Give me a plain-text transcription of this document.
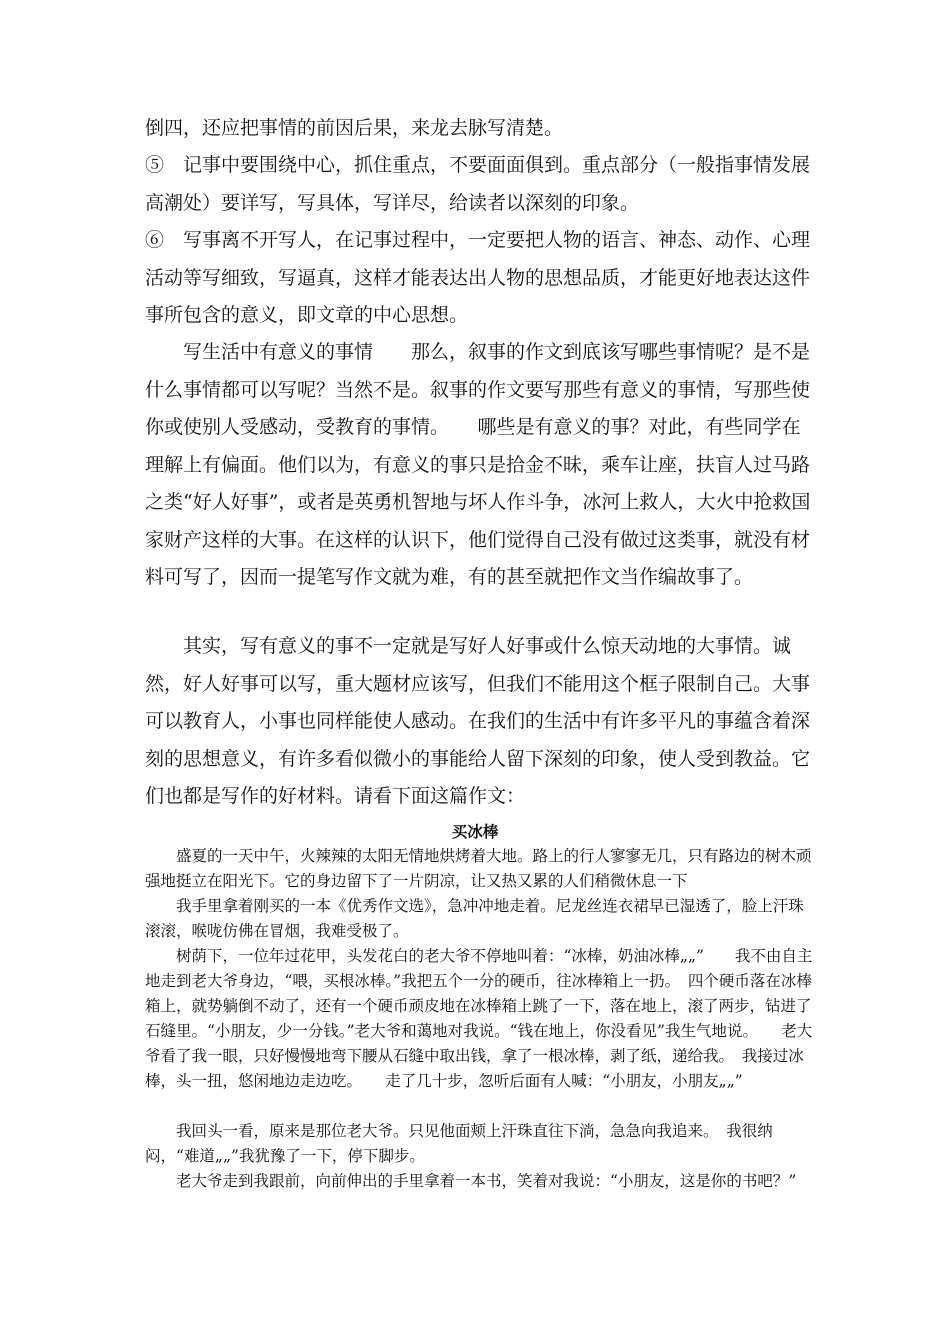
倒四，还应把事情的前因后果，来龙去脉写清楚。

⑤　记事中要围绕中心，抓住重点，不要面面俱到。重点部分（一般指事情发展高潮处）要详写，写具体，写详尽，给读者以深刻的印象。

⑥　写事离不开写人，在记事过程中，一定要把人物的语言、神态、动作、心理活动等写细致，写逼真，这样才能表达出人物的思想品质，才能更好地表达这件事所包含的意义，即文章的中心思想。

　　写生活中有意义的事情　　那么，叙事的作文到底该写哪些事情呢？是不是什么事情都可以写呢？当然不是。叙事的作文要写那些有意义的事情，写那些使你或使别人受感动，受教育的事情。　　哪些是有意义的事？对此，有些同学在理解上有偏面。他们以为，有意义的事只是拾金不昧，乘车让座，扶盲人过马路之类“好人好事”，或者是英勇机智地与坏人作斗争，冰河上救人，大火中抢救国家财产这样的大事。在这样的认识下，他们觉得自己没有做过这类事，就没有材料可写了，因而一提笔写作文就为难，有的甚至就把作文当作编故事了。

　　其实，写有意义的事不一定就是写好人好事或什么惊天动地的大事情。诚然，好人好事可以写，重大题材应该写，但我们不能用这个框子限制自己。大事可以教育人，小事也同样能使人感动。在我们的生活中有许多平凡的事蕴含着深刻的思想意义，有许多看似微小的事能给人留下深刻的印象，使人受到教益。它们也都是写作的好材料。请看下面这篇作文：

买冰棒

　　盛夏的一天中午，火辣辣的太阳无情地烘烤着大地。路上的行人寥寥无几，只有路边的树木顽强地挺立在阳光下。它的身边留下了一片阴凉，让又热又累的人们稍微休息一下

　　我手里拿着刚买的一本《优秀作文选》，急冲冲地走着。尼龙丝连衣裙早已湿透了，脸上汗珠滚滚，喉咙仿佛在冒烟，我难受极了。

　　树荫下，一位年过花甲，头发花白的老大爷不停地叫着：“冰棒，奶油冰棒„„”　　我不由自主地走到老大爷身边，“喂，买根冰棒。”我把五个一分的硬币，往冰棒箱上一扔。　四个硬币落在冰棒箱上，就势躺倒不动了，还有一个硬币顽皮地在冰棒箱上跳了一下，落在地上，滚了两步，钻进了石缝里。“小朋友，少一分钱。”老大爷和蔼地对我说。“钱在地上，你没看见”我生气地说。　　老大爷看了我一眼，只好慢慢地弯下腰从石缝中取出钱，拿了一根冰棒，剥了纸，递给我。　我接过冰棒，头一扭，悠闲地边走边吃。　　走了几十步，忽听后面有人喊：“小朋友，小朋友„„”

　　我回头一看，原来是那位老大爷。只见他面颊上汗珠直往下淌，急急向我追来。　我很纳闷，“难道„„”我犹豫了一下，停下脚步。

　　老大爷走到我跟前，向前伸出的手里拿着一本书，笑着对我说：“小朋友，这是你的书吧？”
